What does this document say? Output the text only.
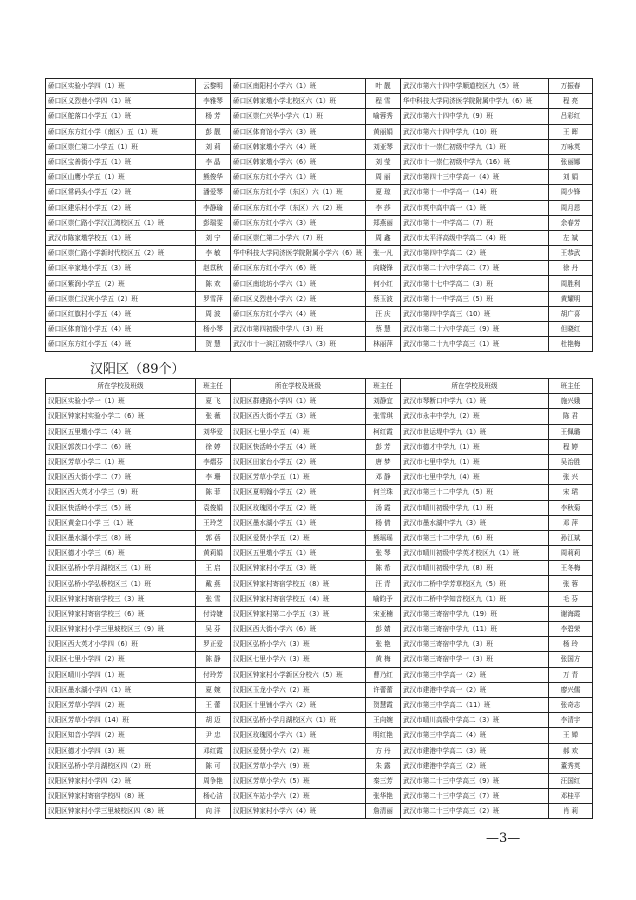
硚口区实验小学四（1）班	云黎明	硚口区南阳村小学六（1）班	叶 靓	武汉市第六十四中学顺道校区九（5）班	万振春
硚口区义烈巷小学四（1）班	李雅琴	硚口区韩家墩小学北校区六（1）班	程 雪	华中科技大学同济医学院附属中学九（6）班	程 亮
硚口区舵落口小学五（1）班	杨 芳	硚口区崇仁兴华小学六（1）班	喻蓉秀	武汉市第六十四中学九（9）班	吕彩红
硚口区东方红小学（南区）五（1）班	彭 靓	硚口区体育馆小学六（3）班	黄丽娟	武汉市第六十四中学九（10）班	王 晖
硚口区崇仁第二小学五（1）班	刘 莉	硚口区韩家墩小学六（4）班	刘亚琴	武汉市十一崇仁初级中学九（1）班	万咏英
硚口区宝善街小学五（1）班	李 晶	硚口区韩家墩小学六（6）班	刘 莹	武汉市十一崇仁初级中学九（16）班	张丽娜
硚口区山鹰小学五（1）班	熊俊华	硚口区东方红小学六（1）班	周 丽	武汉市第四十三中学高一（4）班	刘 娟
硚口区常码头小学五（2）班	潘爱琴	硚口区东方红小学（东区）六（1）班	夏 琼	武汉市第十一中学高一（14）班	周少锋
硚口区建乐村小学五（2）班	李静瑜	硚口区东方红小学（东区）六（2）班	李 莎	武汉市英中高中高一（1）班	周月恩
硚口区崇仁路小学汉江湾校区五（1）班	彭瑞雯	硚口区东方红小学六（3）班	郑燕丽	武汉市第十一中学高二（7）班	余春芳
武汉市陈家墩学校五（1）班	刘 宁	硚口区崇仁第二小学六（7）班	周 鑫	武汉市太平洋高级中学高二（4）班	左 斌
硚口区崇仁路小学新时代校区五（2）班	李 敏	华中科技大学同济医学院附属小学六（6）班	张一凡	武汉市第四中学高二（2）班	王恭武
硚口区辛家地小学五（3）班	赵苡秋	硚口区东方红小学六（6）班	向晓锋	武汉市第二十六中学高二（7）班	徐 丹
硚口区紫润小学五（2）班	陈 欢	硚口区南垸坊小学六（1）班	何小红	武汉市第十七中学高二（3）班	周胜利
硚口区崇仁汉宾小学五（2）班	罗雪萍	硚口区义烈巷小学六（2）班	蔡玉波	武汉市第十一中学高三（5）班	黄耀明
硚口区红旗村小学五（4）班	周 波	硚口区东方红小学六（4）班	汪 庆	武汉市第四中学高三（10）班	胡广喜
硚口区体育馆小学五（4）班	杨小琴	武汉市第四初级中学八（3）班	蔡 慧	武汉市第二十六中学高三（9）班	但晓红
硚口区东方红小学五（4）班	贺 慧	武汉市十一滨江初级中学八（3）班	林丽萍	武汉市第二十九中学高三（1）班	杜艳梅
汉阳区（89个）
所在学校及班级	班主任	所在学校及班级	班主任	所在学校及班级	班主任
汉阳区实验小学一（1）班	夏 飞	汉阳区群建路小学四（1）班	刘静宜	武汉市琴断口中学九（1）班	施兴娥
汉阳区钟家村实验小学二（6）班	张 薇	汉阳区西大街小学五（3）班	张雪琪	武汉市永丰中学九（2）班	陈 君
汉阳区五里墩小学二（4）班	刘华爱	汉阳区七里小学五（4）班	柯红霞	武汉市世运堤中学九（1）班	王佩璐
汉阳区郭茨口小学二（6）班	徐 婷	汉阳区快活岭小学五（4）班	彭 芳	武汉市德才中学九（1）班	程 婷
汉阳区芳草小学二（1）班	李熠芬	汉阳区田家台小学五（2）班	唐 梦	武汉市七里中学九（1）班	吴治胜
汉阳区西大街小学二（7）班	李 珊	汉阳区芳草小学五（1）班	邓 静	武汉市七里中学九（4）班	张 兴
汉阳区西大英才小学三（9）班	陈 菲	汉阳区夏明翰小学五（2）班	何兰珠	武汉市第三十二中学九（5）班	宋 珺
汉阳区快活岭小学三（5）班	袁俊娟	汉阳区玫瑰园小学五（2）班	汤 霞	武汉市晴川初级中学九（1）班	李秋菊
汉阳区黄金口小学 三（1）班	王玲芝	汉阳区墨水湖小学五（1）班	杨 倩	武汉市墨水湖中学九（3）班	邓 萍
汉阳区墨水湖小学三（8）班	郭 蓓	汉阳区爱贤小学五（2）班	熊瑶瑶	武汉市第三十二中学九（6）班	孙江斌
汉阳区德才小学三（6）班	黄莉娟	汉阳区五里墩小学五（1）班	张 琴	武汉市晴川初级中学英才校区九（1）班	周莉莉
汉阳区弘桥小学月湖校区三（1）班	王 启	汉阳区钟家村小学五（3）班	陈 希	武汉市晴川初级中学九（8）班	王冬梅
汉阳区弘桥小学弘桥校区三（1）班	戴 燕	汉阳区钟家村寄宿学校五（8）班	汪 青	武汉市二桥中学芳草校区九（5）班	张 蓉
汉阳区钟家村寄宿学校三（3）班	张 雪	汉阳区钟家村寄宿学校五（4）班	喻昀予	武汉市二桥中学知音校区九（1）班	毛 芬
汉阳区钟家村寄宿学校三（6）班	付诗婕	汉阳区钟家村第二小学五（3）班	宋亚楠	武汉市第三寄宿中学九（19）班	谢海霞
汉阳区钟家村小学三里坡校区三（9）班	吴 芬	汉阳区西大街小学六（6）班	彭 婧	武汉市第三寄宿中学九（11）班	李碧荣
汉阳区西大英才小学四（6）班	罗正爱	汉阳区弘桥小学六（3）班	张 艳	武汉市第三寄宿中学九（3）班	杨 玲
汉阳区七里小学四（2）班	陈 静	汉阳区七里小学六（3）班	黄 梅	武汉市第三寄宿中学一（3）班	张国方
汉阳区晴川小学四（1）班	付玲芳	汉阳区钟家村小学新区分校六（5）班	曹乃红	武汉市第三中学高一（2）班	万 青
汉阳区墨水湖小学四（1）班	夏 婉	汉阳区玉龙小学六（2）班	许蕾蕾	武汉市建港中学高一（2）班	廖兴儒
汉阳区芳草小学四（2）班	王 蕾	汉阳区十里铺小学六（2）班	贺慧霞	武汉市第三中学高二（11）班	张奇志
汉阳区芳草小学四（14）班	胡 迈	汉阳区弘桥小学月湖校区六（1）班	王向婉	武汉市晴川高级中学高二（3）班	李清宇
汉阳区知音小学四（2）班	尹 忠	汉阳区玫瑰园小学六（1）班	明红艳	武汉市第三中学高二（4）班	王 婵
汉阳区德才小学四（3）班	邓红霞	汉阳区爱贤小学六（2）班	方 丹	武汉市建港中学高二（3）班	郝 欢
汉阳区弘桥小学月湖校区四（2）班	陈 可	汉阳区芳草小学六（9）班	朱 露	武汉市建港中学高三（2）班	董秀英
汉阳区钟家村小学四（2）班	周争艳	汉阳区芳草小学六（5）班	秦三芳	武汉市第二十三中学高三（9）班	汪国红
汉阳区钟家村寄宿学校四（8）班	杨心洁	汉阳区车站小学六（2）班	张华艳	武汉市第二十三中学高三（7）班	邓桂平
汉阳区钟家村小学三里坡校区四（8）班	向 洋	汉阳区钟家村小学六（4）班	詹清丽	武汉市第二十三中学高三（2）班	肖 莉
—3—
